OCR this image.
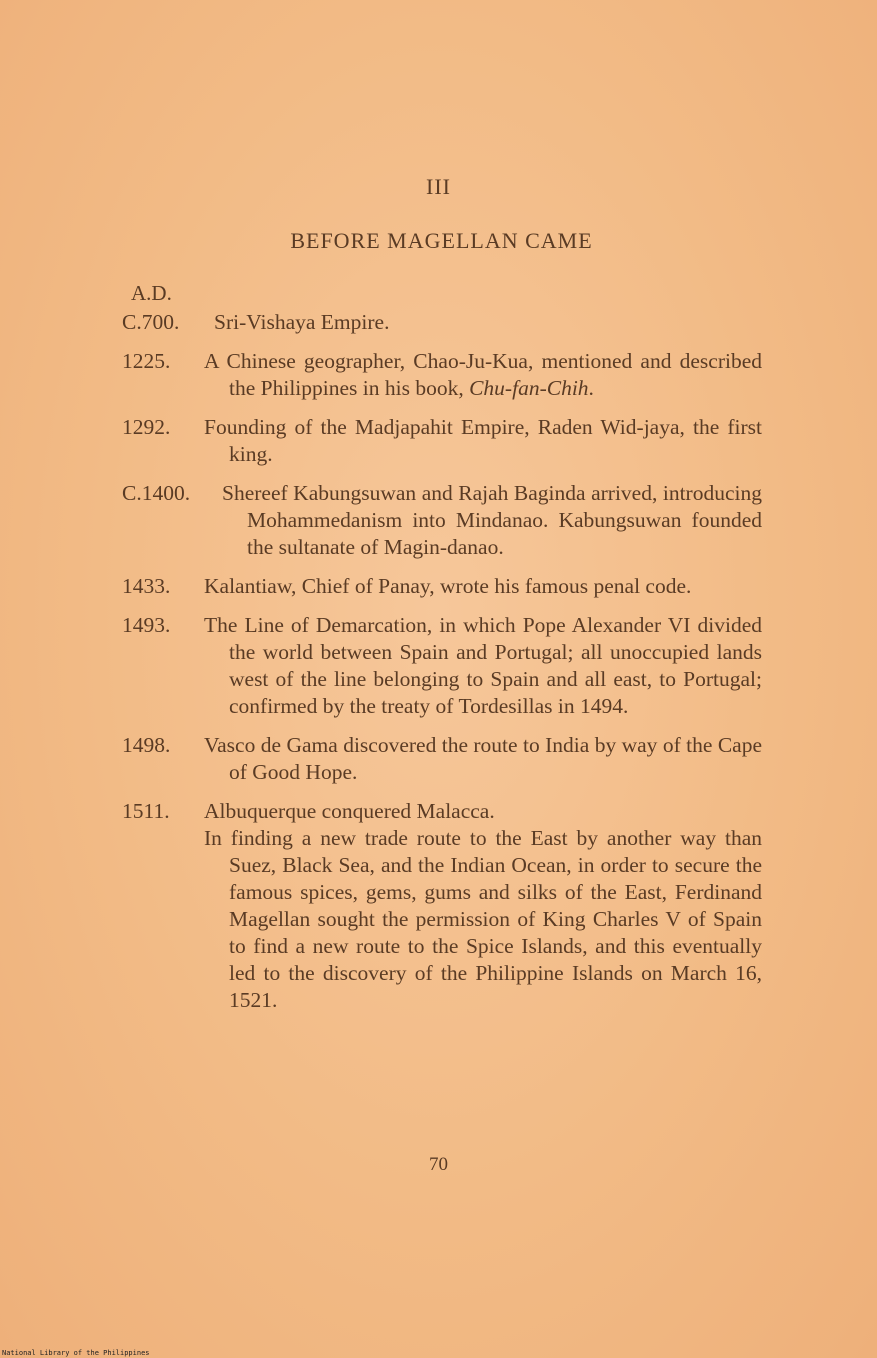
III
BEFORE MAGELLAN CAME
A.D.
C.700.	Sri-Vishaya Empire.
1225.	A Chinese geographer, Chao-Ju-Kua, mentioned and described the Philippines in his book, Chu-fan-Chih.
1292.	Founding of the Madjapahit Empire, Raden Wid-jaya, the first king.
C.1400.	Shereef Kabungsuwan and Rajah Baginda arrived, introducing Mohammedanism into Mindanao. Kabungsuwan founded the sultanate of Magin-danao.
1433.	Kalantiaw, Chief of Panay, wrote his famous penal code.
1493.	The Line of Demarcation, in which Pope Alexander VI divided the world between Spain and Portugal; all unoccupied lands west of the line belonging to Spain and all east, to Portugal; confirmed by the treaty of Tordesillas in 1494.
1498.	Vasco de Gama discovered the route to India by way of the Cape of Good Hope.
1511.	Albuquerque conquered Malacca.
In finding a new trade route to the East by another way than Suez, Black Sea, and the Indian Ocean, in order to secure the famous spices, gems, gums and silks of the East, Ferdinand Magellan sought the permission of King Charles V of Spain to find a new route to the Spice Islands, and this eventually led to the discovery of the Philippine Islands on March 16, 1521.
70
National Library of the Philippines
